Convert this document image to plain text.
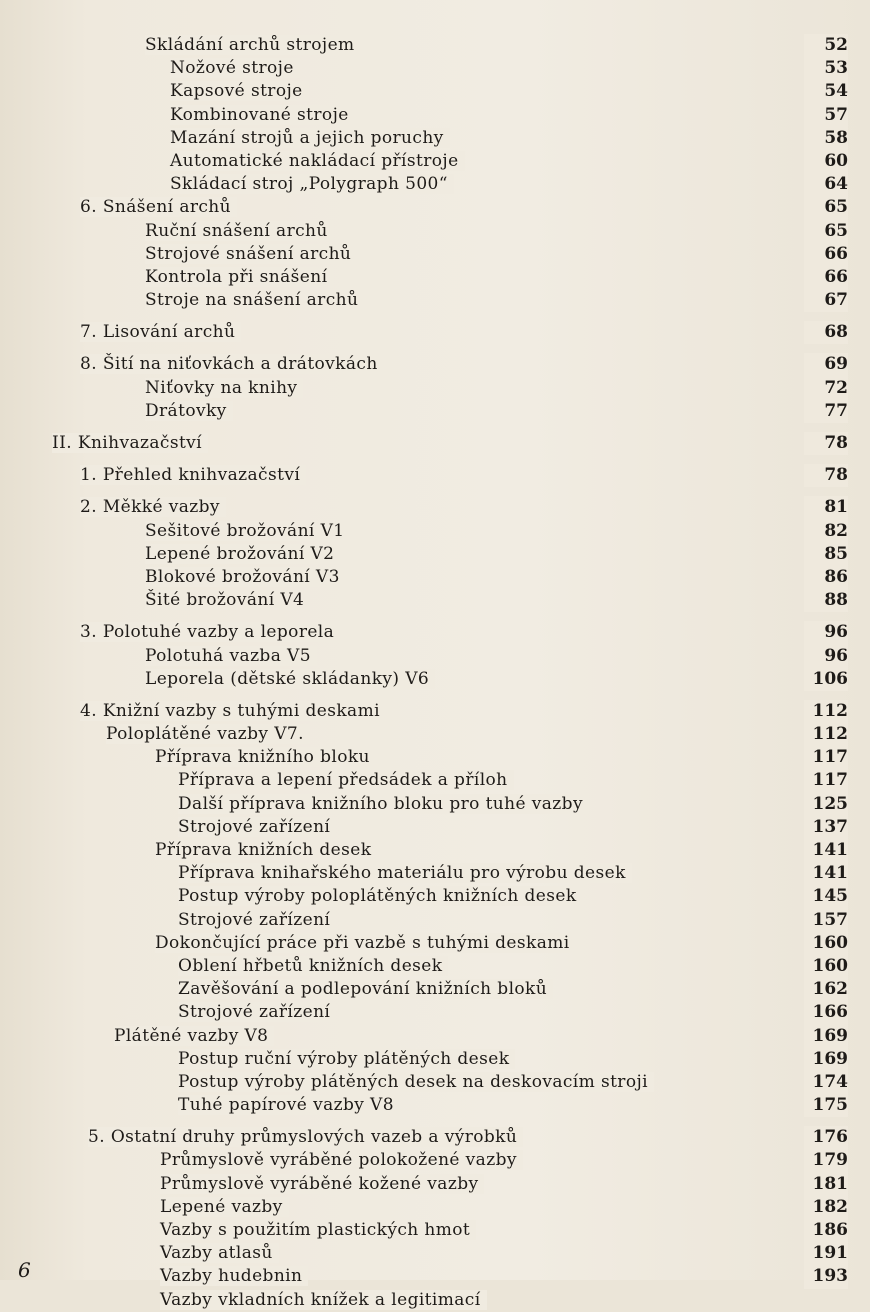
Skládání archů strojem	52
Nožové stroje	53
Kapsové stroje	54
Kombinované stroje	57
Mazání strojů a jejich poruchy	58
Automatické nakládací přístroje	60
Skládací stroj „Polygraph 500“	64
6. Snášení archů	65
Ruční snášení archů	65
Strojové snášení archů	66
Kontrola při snášení	66
Stroje na snášení archů	67
7. Lisování archů	68
8. Šití na niťovkách a drátovkách	69
Niťovky na knihy	72
Drátovky	77
II. Knihvazačství	78
1. Přehled knihvazačství	78
2. Měkké vazby	81
Sešitové brožování V1	82
Lepené brožování V2	85
Blokové brožování V3	86
Šité brožování V4	88
3. Polotuhé vazby a leporela	96
Polotuhá vazba V5	96
Leporela (dětské skládanky) V6	106
4. Knižní vazby s tuhými deskami	112
Poloplátěné vazby V7.	112
Příprava knižního bloku	117
Příprava a lepení předsádek a příloh	117
Další příprava knižního bloku pro tuhé vazby	125
Strojové zařízení	137
Příprava knižních desek	141
Příprava knihařského materiálu pro výrobu desek	141
Postup výroby poloplátěných knižních desek	145
Strojové zařízení	157
Dokončující práce při vazbě s tuhými deskami	160
Oblení hřbetů knižních desek	160
Zavěšování a podlepování knižních bloků	162
Strojové zařízení	166
Plátěné vazby V8	169
Postup ruční výroby plátěných desek	169
Postup výroby plátěných desek na deskovacím stroji	174
Tuhé papírové vazby V8	175
5. Ostatní druhy průmyslových vazeb a výrobků	176
Průmyslově vyráběné polokožené vazby	179
Průmyslově vyráběné kožené vazby	181
Lepené vazby	182
Vazby s použitím plastických hmot	186
Vazby atlasů	191
Vazby hudebnin	193
Vazby vkladních knížek a legitimací
6
